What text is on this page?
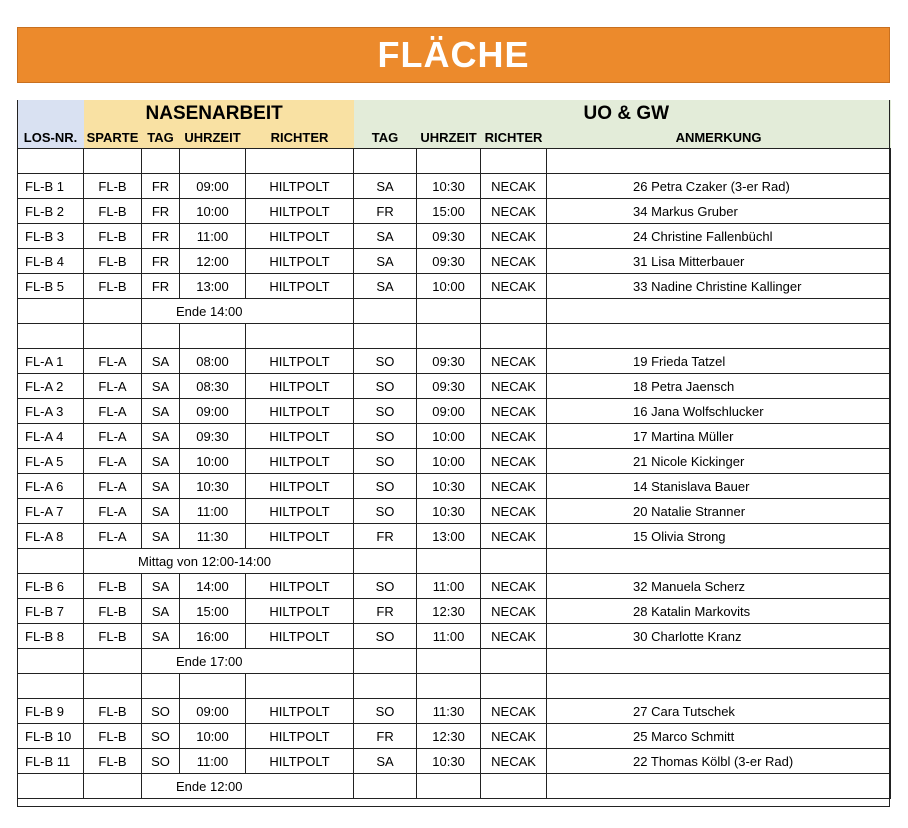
FLÄCHE
	NASENARBEIT				UO & GW			
LOS-NR.	SPARTE	TAG	UHRZEIT	RICHTER	TAG	UHRZEIT	RICHTER	ANMERKUNG

FL-B 1	FL-B	FR	09:00	HILTPOLT	SA	10:30	NECAK	26 Petra Czaker (3-er Rad)
FL-B 2	FL-B	FR	10:00	HILTPOLT	FR	15:00	NECAK	34 Markus Gruber
FL-B 3	FL-B	FR	11:00	HILTPOLT	SA	09:30	NECAK	24 Christine Fallenbüchl
FL-B 4	FL-B	FR	12:00	HILTPOLT	SA	09:30	NECAK	31 Lisa Mitterbauer
FL-B 5	FL-B	FR	13:00	HILTPOLT	SA	10:00	NECAK	33 Nadine Christine Kallinger
		Ende 14:00						

FL-A 1	FL-A	SA	08:00	HILTPOLT	SO	09:30	NECAK	19 Frieda Tatzel
FL-A 2	FL-A	SA	08:30	HILTPOLT	SO	09:30	NECAK	18 Petra Jaensch
FL-A 3	FL-A	SA	09:00	HILTPOLT	SO	09:00	NECAK	16 Jana Wolfschlucker
FL-A 4	FL-A	SA	09:30	HILTPOLT	SO	10:00	NECAK	17 Martina Müller
FL-A 5	FL-A	SA	10:00	HILTPOLT	SO	10:00	NECAK	21 Nicole Kickinger
FL-A 6	FL-A	SA	10:30	HILTPOLT	SO	10:30	NECAK	14 Stanislava Bauer
FL-A 7	FL-A	SA	11:00	HILTPOLT	SO	10:30	NECAK	20 Natalie Stranner
FL-A 8	FL-A	SA	11:30	HILTPOLT	FR	13:00	NECAK	15 Olivia Strong
	Mittag von 12:00-14:00							
FL-B 6	FL-B	SA	14:00	HILTPOLT	SO	11:00	NECAK	32 Manuela Scherz
FL-B 7	FL-B	SA	15:00	HILTPOLT	FR	12:30	NECAK	28 Katalin Markovits
FL-B 8	FL-B	SA	16:00	HILTPOLT	SO	11:00	NECAK	30 Charlotte Kranz
		Ende 17:00						

FL-B 9	FL-B	SO	09:00	HILTPOLT	SO	11:30	NECAK	27 Cara Tutschek
FL-B 10	FL-B	SO	10:00	HILTPOLT	FR	12:30	NECAK	25 Marco Schmitt
FL-B 11	FL-B	SO	11:00	HILTPOLT	SA	10:30	NECAK	22 Thomas Kölbl (3-er Rad)
		Ende 12:00						
